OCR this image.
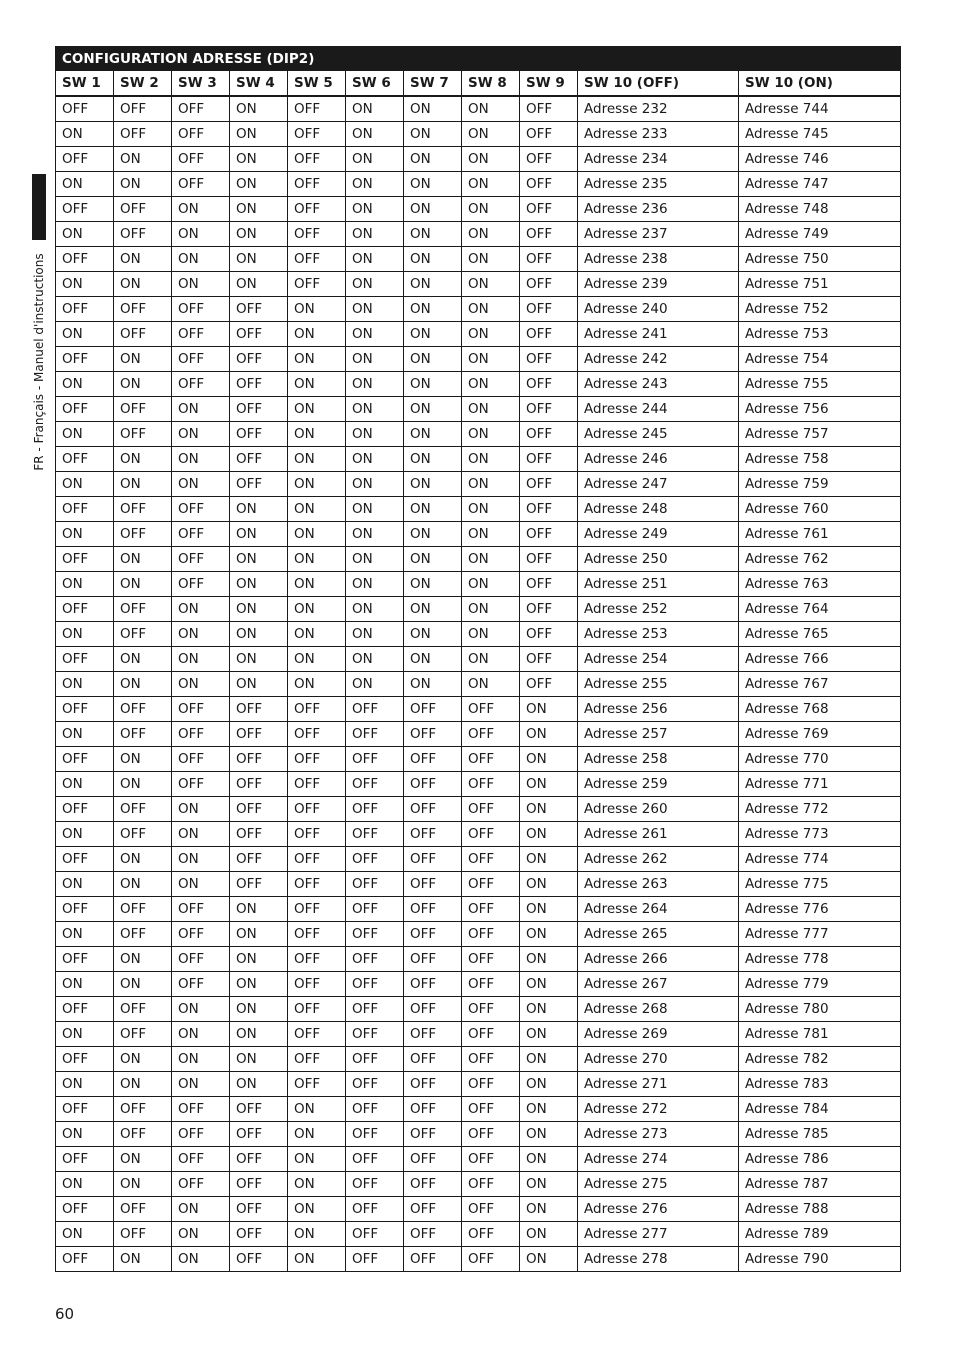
FR - Français - Manuel d'instructions
CONFIGURATION ADRESSE (DIP2)										
SW 1	SW 2	SW 3	SW 4	SW 5	SW 6	SW 7	SW 8	SW 9	SW 10 (OFF)	SW 10 (ON)
OFF	OFF	OFF	ON	OFF	ON	ON	ON	OFF	Adresse 232	Adresse 744
ON	OFF	OFF	ON	OFF	ON	ON	ON	OFF	Adresse 233	Adresse 745
OFF	ON	OFF	ON	OFF	ON	ON	ON	OFF	Adresse 234	Adresse 746
ON	ON	OFF	ON	OFF	ON	ON	ON	OFF	Adresse 235	Adresse 747
OFF	OFF	ON	ON	OFF	ON	ON	ON	OFF	Adresse 236	Adresse 748
ON	OFF	ON	ON	OFF	ON	ON	ON	OFF	Adresse 237	Adresse 749
OFF	ON	ON	ON	OFF	ON	ON	ON	OFF	Adresse 238	Adresse 750
ON	ON	ON	ON	OFF	ON	ON	ON	OFF	Adresse 239	Adresse 751
OFF	OFF	OFF	OFF	ON	ON	ON	ON	OFF	Adresse 240	Adresse 752
ON	OFF	OFF	OFF	ON	ON	ON	ON	OFF	Adresse 241	Adresse 753
OFF	ON	OFF	OFF	ON	ON	ON	ON	OFF	Adresse 242	Adresse 754
ON	ON	OFF	OFF	ON	ON	ON	ON	OFF	Adresse 243	Adresse 755
OFF	OFF	ON	OFF	ON	ON	ON	ON	OFF	Adresse 244	Adresse 756
ON	OFF	ON	OFF	ON	ON	ON	ON	OFF	Adresse 245	Adresse 757
OFF	ON	ON	OFF	ON	ON	ON	ON	OFF	Adresse 246	Adresse 758
ON	ON	ON	OFF	ON	ON	ON	ON	OFF	Adresse 247	Adresse 759
OFF	OFF	OFF	ON	ON	ON	ON	ON	OFF	Adresse 248	Adresse 760
ON	OFF	OFF	ON	ON	ON	ON	ON	OFF	Adresse 249	Adresse 761
OFF	ON	OFF	ON	ON	ON	ON	ON	OFF	Adresse 250	Adresse 762
ON	ON	OFF	ON	ON	ON	ON	ON	OFF	Adresse 251	Adresse 763
OFF	OFF	ON	ON	ON	ON	ON	ON	OFF	Adresse 252	Adresse 764
ON	OFF	ON	ON	ON	ON	ON	ON	OFF	Adresse 253	Adresse 765
OFF	ON	ON	ON	ON	ON	ON	ON	OFF	Adresse 254	Adresse 766
ON	ON	ON	ON	ON	ON	ON	ON	OFF	Adresse 255	Adresse 767
OFF	OFF	OFF	OFF	OFF	OFF	OFF	OFF	ON	Adresse 256	Adresse 768
ON	OFF	OFF	OFF	OFF	OFF	OFF	OFF	ON	Adresse 257	Adresse 769
OFF	ON	OFF	OFF	OFF	OFF	OFF	OFF	ON	Adresse 258	Adresse 770
ON	ON	OFF	OFF	OFF	OFF	OFF	OFF	ON	Adresse 259	Adresse 771
OFF	OFF	ON	OFF	OFF	OFF	OFF	OFF	ON	Adresse 260	Adresse 772
ON	OFF	ON	OFF	OFF	OFF	OFF	OFF	ON	Adresse 261	Adresse 773
OFF	ON	ON	OFF	OFF	OFF	OFF	OFF	ON	Adresse 262	Adresse 774
ON	ON	ON	OFF	OFF	OFF	OFF	OFF	ON	Adresse 263	Adresse 775
OFF	OFF	OFF	ON	OFF	OFF	OFF	OFF	ON	Adresse 264	Adresse 776
ON	OFF	OFF	ON	OFF	OFF	OFF	OFF	ON	Adresse 265	Adresse 777
OFF	ON	OFF	ON	OFF	OFF	OFF	OFF	ON	Adresse 266	Adresse 778
ON	ON	OFF	ON	OFF	OFF	OFF	OFF	ON	Adresse 267	Adresse 779
OFF	OFF	ON	ON	OFF	OFF	OFF	OFF	ON	Adresse 268	Adresse 780
ON	OFF	ON	ON	OFF	OFF	OFF	OFF	ON	Adresse 269	Adresse 781
OFF	ON	ON	ON	OFF	OFF	OFF	OFF	ON	Adresse 270	Adresse 782
ON	ON	ON	ON	OFF	OFF	OFF	OFF	ON	Adresse 271	Adresse 783
OFF	OFF	OFF	OFF	ON	OFF	OFF	OFF	ON	Adresse 272	Adresse 784
ON	OFF	OFF	OFF	ON	OFF	OFF	OFF	ON	Adresse 273	Adresse 785
OFF	ON	OFF	OFF	ON	OFF	OFF	OFF	ON	Adresse 274	Adresse 786
ON	ON	OFF	OFF	ON	OFF	OFF	OFF	ON	Adresse 275	Adresse 787
OFF	OFF	ON	OFF	ON	OFF	OFF	OFF	ON	Adresse 276	Adresse 788
ON	OFF	ON	OFF	ON	OFF	OFF	OFF	ON	Adresse 277	Adresse 789
OFF	ON	ON	OFF	ON	OFF	OFF	OFF	ON	Adresse 278	Adresse 790
60
